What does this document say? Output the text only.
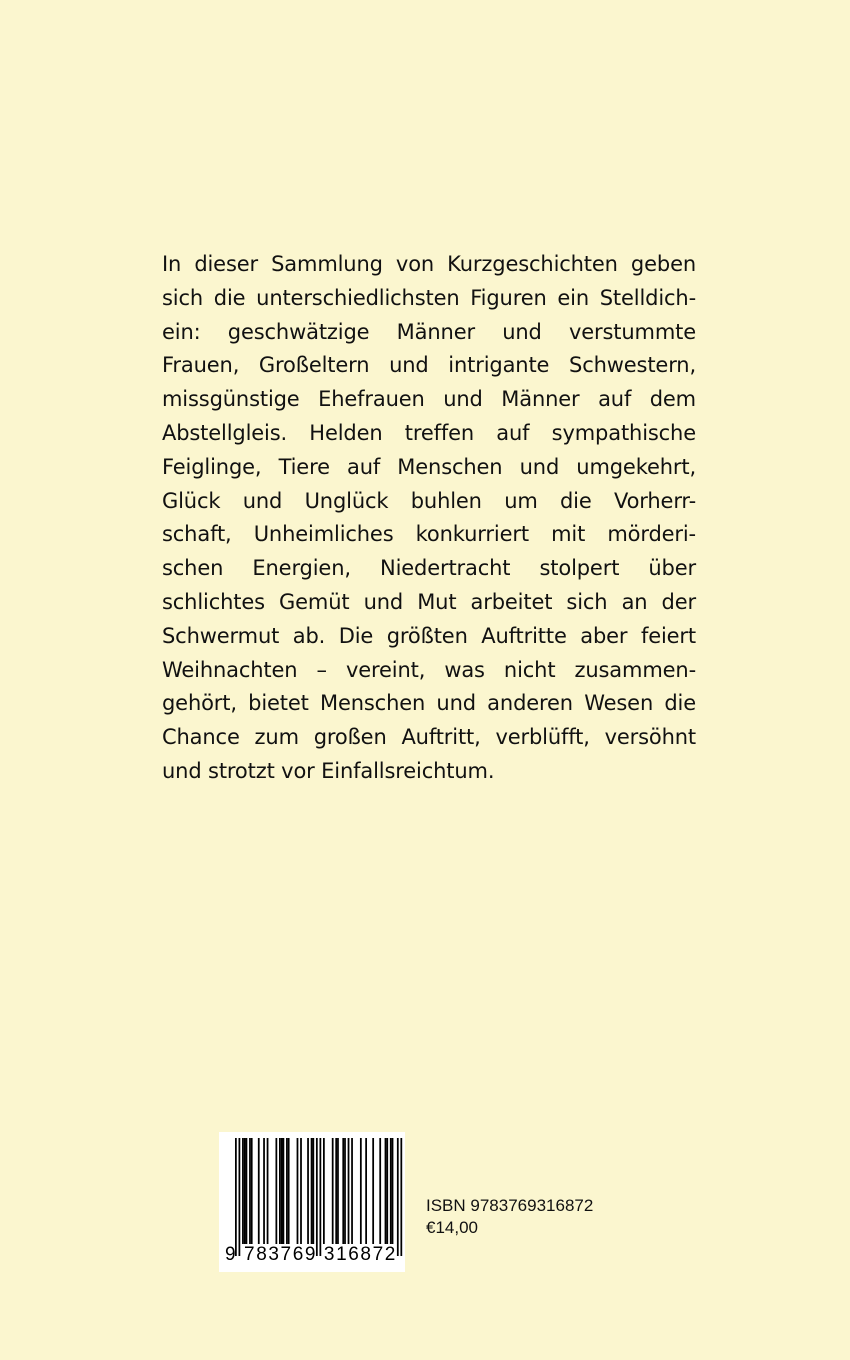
In dieser Sammlung von Kurzgeschichten geben
sich die unterschiedlichsten Figuren ein Stelldich-
ein: geschwätzige Männer und verstummte
Frauen, Großeltern und intrigante Schwestern,
missgünstige Ehefrauen und Männer auf dem
Abstellgleis. Helden treffen auf sympathische
Feiglinge, Tiere auf Menschen und umgekehrt,
Glück und Unglück buhlen um die Vorherr-
schaft, Unheimliches konkurriert mit mörderi-
schen Energien, Niedertracht stolpert über
schlichtes Gemüt und Mut arbeitet sich an der
Schwermut ab. Die größten Auftritte aber feiert
Weihnachten – vereint, was nicht zusammen-
gehört, bietet Menschen und anderen Wesen die
Chance zum großen Auftritt, verblüfft, versöhnt
und strotzt vor Einfallsreichtum.
9 783769 316872
ISBN 9783769316872
€14,00
